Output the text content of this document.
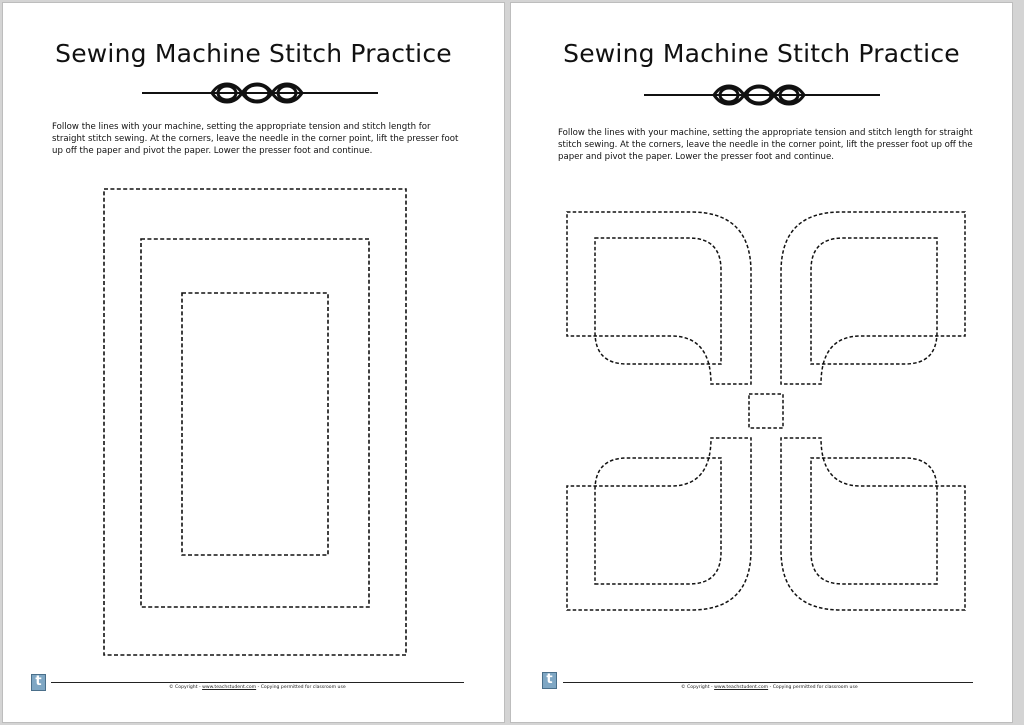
Sewing Machine Stitch Practice
Follow the lines with your machine, setting the appropriate tension and stitch length for straight stitch sewing. At the corners, leave the needle in the corner point, lift the presser foot up off the paper and pivot the paper. Lower the presser foot and continue.
t	© Copyright - www.teachstudent.com - Copying permitted for classroom use
Sewing Machine Stitch Practice
Follow the lines with your machine, setting the appropriate tension and stitch length for straight stitch sewing. At the corners, leave the needle in the corner point, lift the presser foot up off the paper and pivot the paper. Lower the presser foot and continue.
t
© Copyright - www.teachstudent.com - Copying permitted for classroom use
